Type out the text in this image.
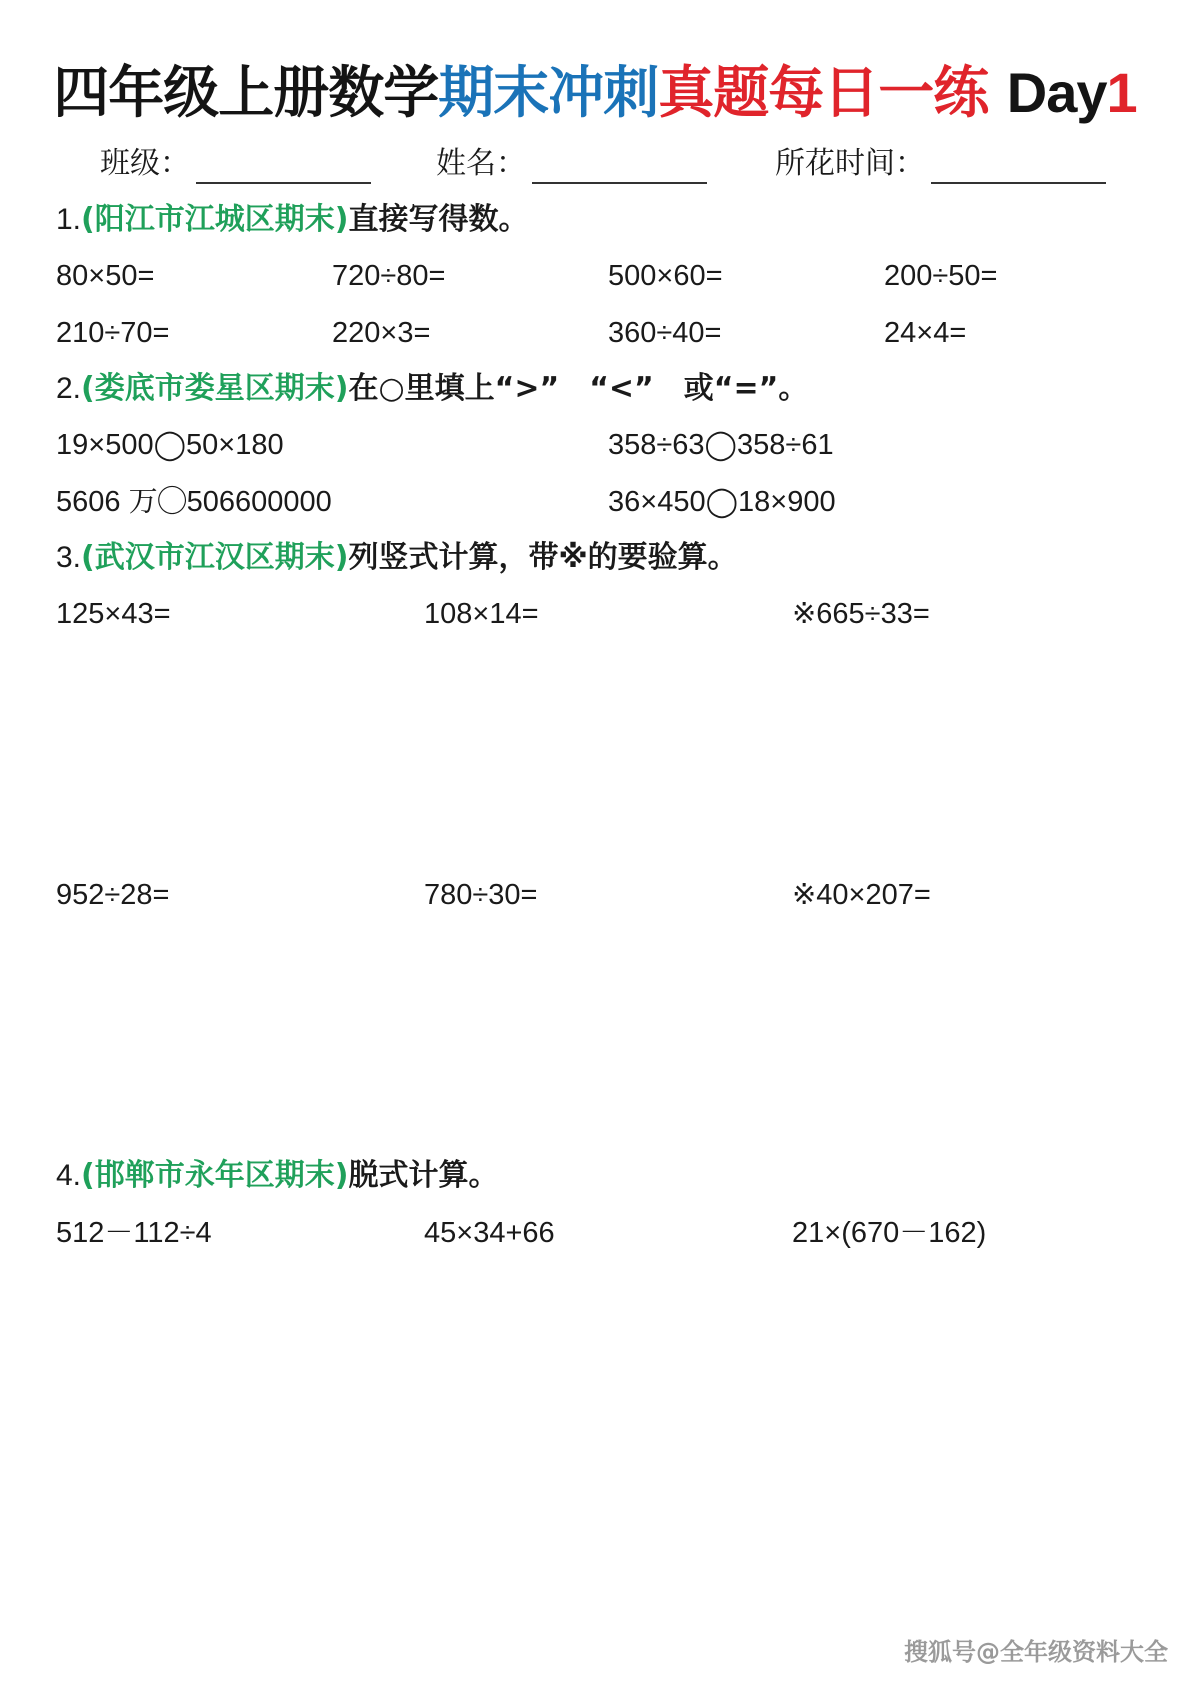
四年级上册数学期末冲刺真题每日一练 Day1
班级：	姓名：	所花时间：
1.(阳江市江城区期末)直接写得数。
80×50=	720÷80=	500×60=	200÷50=
210÷70=	220×3=	360÷40=	24×4=
2.(娄底市娄星区期末)在○里填上“>”　“<”　或“=”。
19×500◯50×180	358÷63◯358÷61
5606 万◯506600000	36×450◯18×900
3.(武汉市江汉区期末)列竖式计算，带※的要验算。
125×43=	108×14=	※665÷33=
952÷28=	780÷30=	※40×207=
4.(邯郸市永年区期末)脱式计算。
512－112÷4	45×34+66	21×(670－162)
搜狐号@全年级资料大全
